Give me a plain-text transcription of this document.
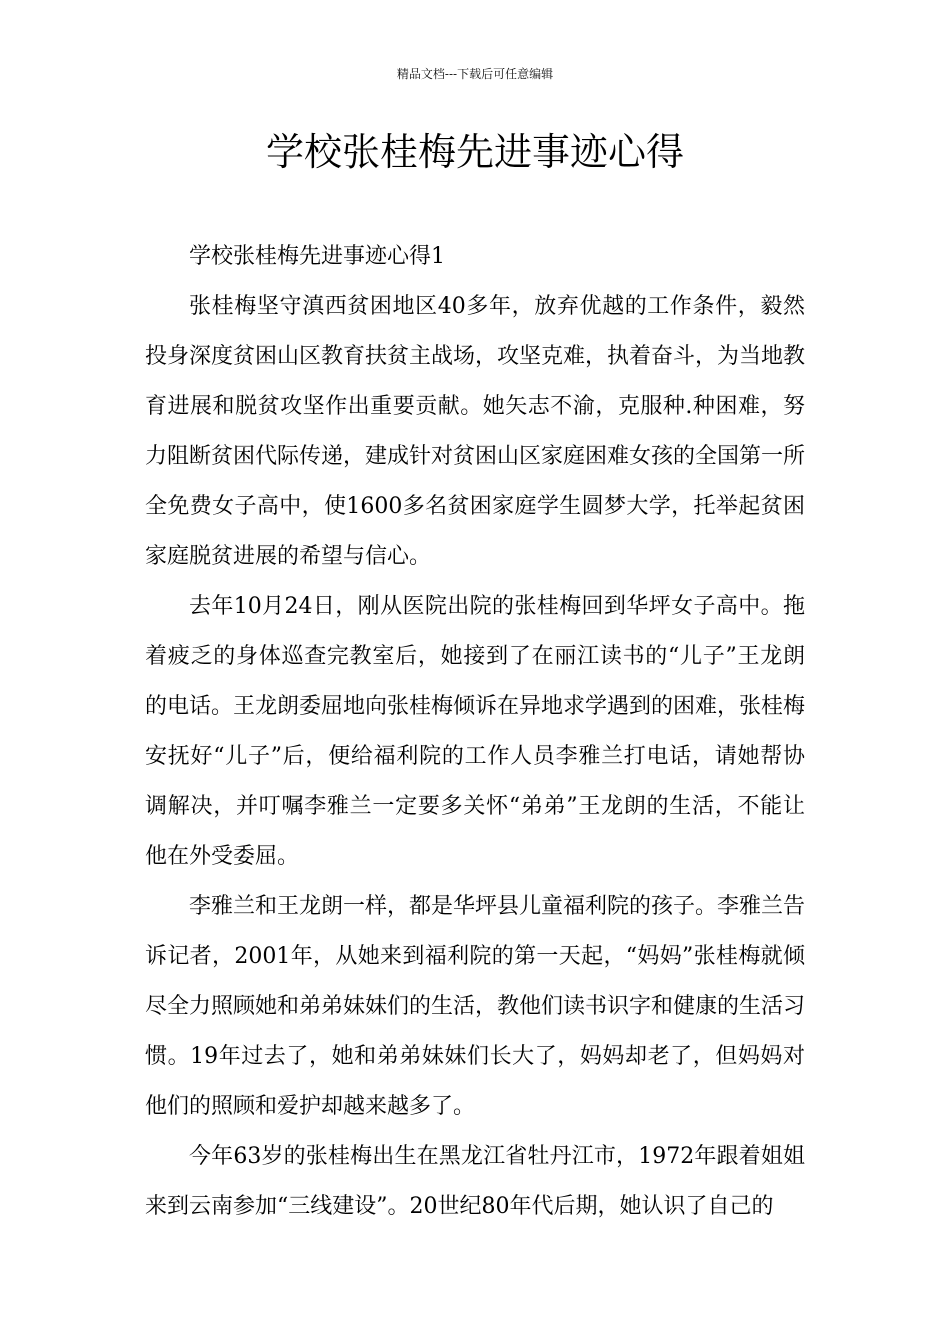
精品文档---下载后可任意编辑
学校张桂梅先进事迹心得

学校张桂梅先进事迹心得1

张桂梅坚守滇西贫困地区40多年，放弃优越的工作条件，毅然投身深度贫困山区教育扶贫主战场，攻坚克难，执着奋斗，为当地教育进展和脱贫攻坚作出重要贡献。她矢志不渝，克服种.种困难，努力阻断贫困代际传递，建成针对贫困山区家庭困难女孩的全国第一所全免费女子高中，使1600多名贫困家庭学生圆梦大学，托举起贫困家庭脱贫进展的希望与信心。

去年10月24日，刚从医院出院的张桂梅回到华坪女子高中。拖着疲乏的身体巡查完教室后，她接到了在丽江读书的“儿子”王龙朗的电话。王龙朗委屈地向张桂梅倾诉在异地求学遇到的困难，张桂梅安抚好“儿子”后，便给福利院的工作人员李雅兰打电话，请她帮协调解决，并叮嘱李雅兰一定要多关怀“弟弟”王龙朗的生活，不能让他在外受委屈。

李雅兰和王龙朗一样，都是华坪县儿童福利院的孩子。李雅兰告诉记者，2001年，从她来到福利院的第一天起，“妈妈”张桂梅就倾尽全力照顾她和弟弟妹妹们的生活，教他们读书识字和健康的生活习惯。19年过去了，她和弟弟妹妹们长大了，妈妈却老了，但妈妈对他们的照顾和爱护却越来越多了。

今年63岁的张桂梅出生在黑龙江省牡丹江市，1972年跟着姐姐来到云南参加“三线建设”。20世纪80年代后期，她认识了自己的
